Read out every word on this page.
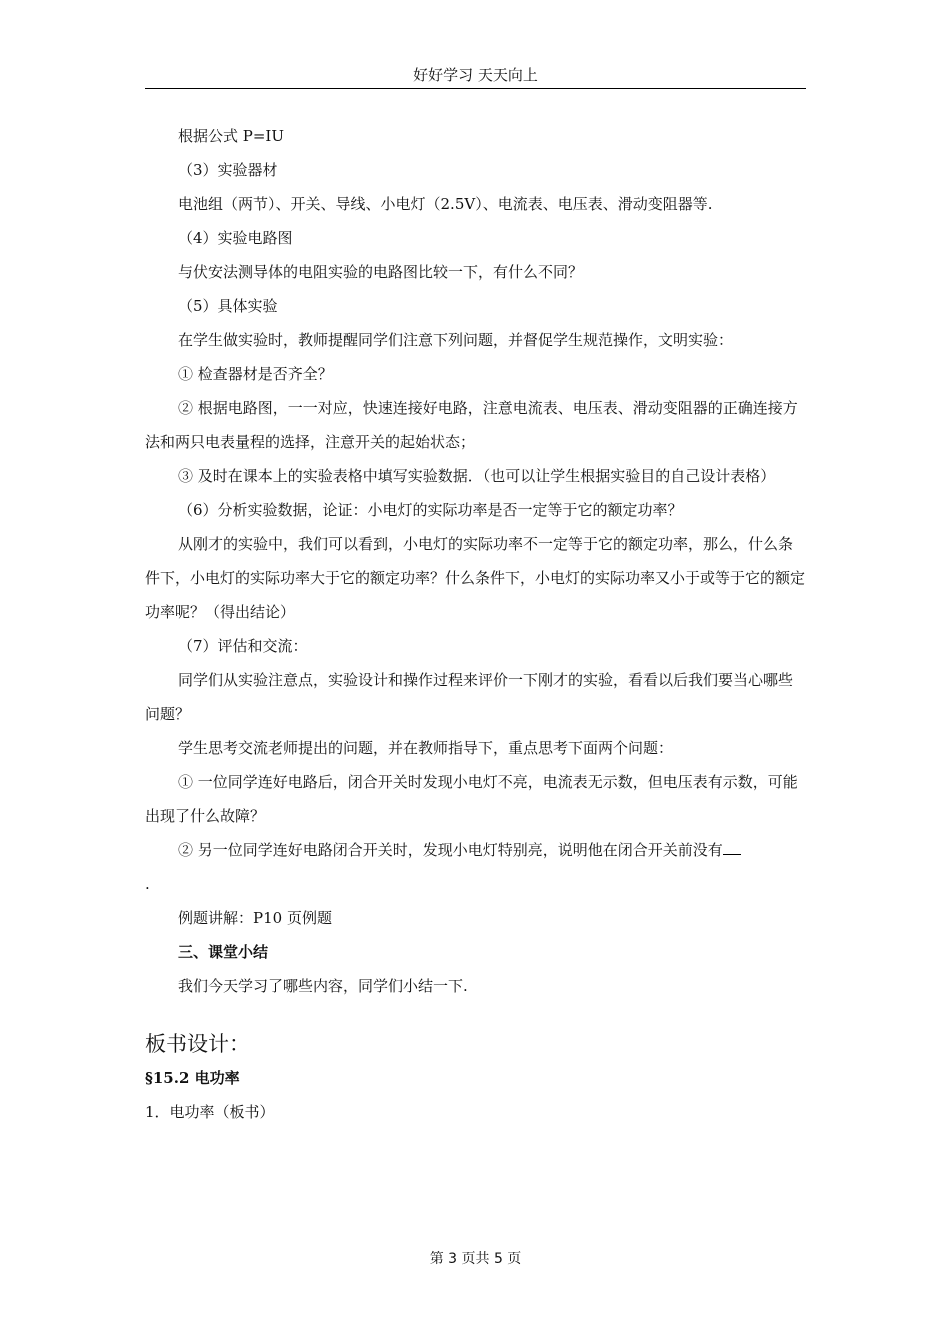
好好学习 天天向上

根据公式 P=IU

（3）实验器材

电池组（两节）、开关、导线、小电灯（2.5V）、电流表、电压表、滑动变阻器等.

（4）实验电路图

与伏安法测导体的电阻实验的电路图比较一下，有什么不同？

（5）具体实验

在学生做实验时，教师提醒同学们注意下列问题，并督促学生规范操作，文明实验：

① 检查器材是否齐全？

② 根据电路图，一一对应，快速连接好电路，注意电流表、电压表、滑动变阻器的正确连接方法和两只电表量程的选择，注意开关的起始状态；

③ 及时在课本上的实验表格中填写实验数据．（也可以让学生根据实验目的自己设计表格）

（6）分析实验数据，论证：小电灯的实际功率是否一定等于它的额定功率？

从刚才的实验中，我们可以看到，小电灯的实际功率不一定等于它的额定功率，那么，什么条件下，小电灯的实际功率大于它的额定功率？什么条件下，小电灯的实际功率又小于或等于它的额定功率呢？（得出结论）

（7）评估和交流：

同学们从实验注意点，实验设计和操作过程来评价一下刚才的实验，看看以后我们要当心哪些问题？

学生思考交流老师提出的问题，并在教师指导下，重点思考下面两个问题：

① 一位同学连好电路后，闭合开关时发现小电灯不亮，电流表无示数，但电压表有示数，可能出现了什么故障？

② 另一位同学连好电路闭合开关时，发现小电灯特别亮，说明他在闭合开关前没有

.

例题讲解：P10 页例题

三、课堂小结

我们今天学习了哪些内容，同学们小结一下.

板书设计：

§15.2 电功率

1．电功率（板书）

第 3 页共 5 页
